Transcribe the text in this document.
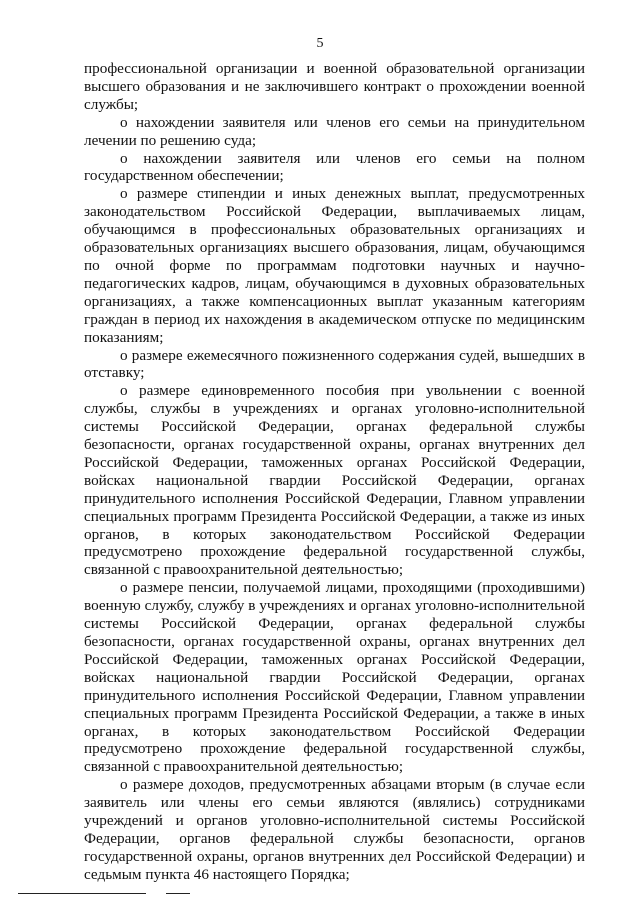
5

профессиональной организации и военной образовательной организации высшего образования и не заключившего контракт о прохождении военной службы;

о нахождении заявителя или членов его семьи на принудительном лечении по решению суда;

о нахождении заявителя или членов его семьи на полном государственном обеспечении;

о размере стипендии и иных денежных выплат, предусмотренных законодательством Российской Федерации, выплачиваемых лицам, обучающимся в профессиональных образовательных организациях и образовательных организациях высшего образования, лицам, обучающимся по очной форме по программам подготовки научных и научно-педагогических кадров, лицам, обучающимся в духовных образовательных организациях, а также компенсационных выплат указанным категориям граждан в период их нахождения в академическом отпуске по медицинским показаниям;

о размере ежемесячного пожизненного содержания судей, вышедших в отставку;

о размере единовременного пособия при увольнении с военной службы, службы в учреждениях и органах уголовно-исполнительной системы Российской Федерации, органах федеральной службы безопасности, органах государственной охраны, органах внутренних дел Российской Федерации, таможенных органах Российской Федерации, войсках национальной гвардии Российской Федерации, органах принудительного исполнения Российской Федерации, Главном управлении специальных программ Президента Российской Федерации, а также из иных органов, в которых законодательством Российской Федерации предусмотрено прохождение федеральной государственной службы, связанной с правоохранительной деятельностью;

о размере пенсии, получаемой лицами, проходящими (проходившими) военную службу, службу в учреждениях и органах уголовно-исполнительной системы Российской Федерации, органах федеральной службы безопасности, органах государственной охраны, органах внутренних дел Российской Федерации, таможенных органах Российской Федерации, войсках национальной гвардии Российской Федерации, органах принудительного исполнения Российской Федерации, Главном управлении специальных программ Президента Российской Федерации, а также в иных органах, в которых законодательством Российской Федерации предусмотрено прохождение федеральной государственной службы, связанной с правоохранительной деятельностью;

о размере доходов, предусмотренных абзацами вторым (в случае если заявитель или члены его семьи являются (являлись) сотрудниками учреждений и органов уголовно-исполнительной системы Российской Федерации, органов федеральной службы безопасности, органов государственной охраны, органов внутренних дел Российской Федерации) и седьмым пункта 46 настоящего Порядка;
